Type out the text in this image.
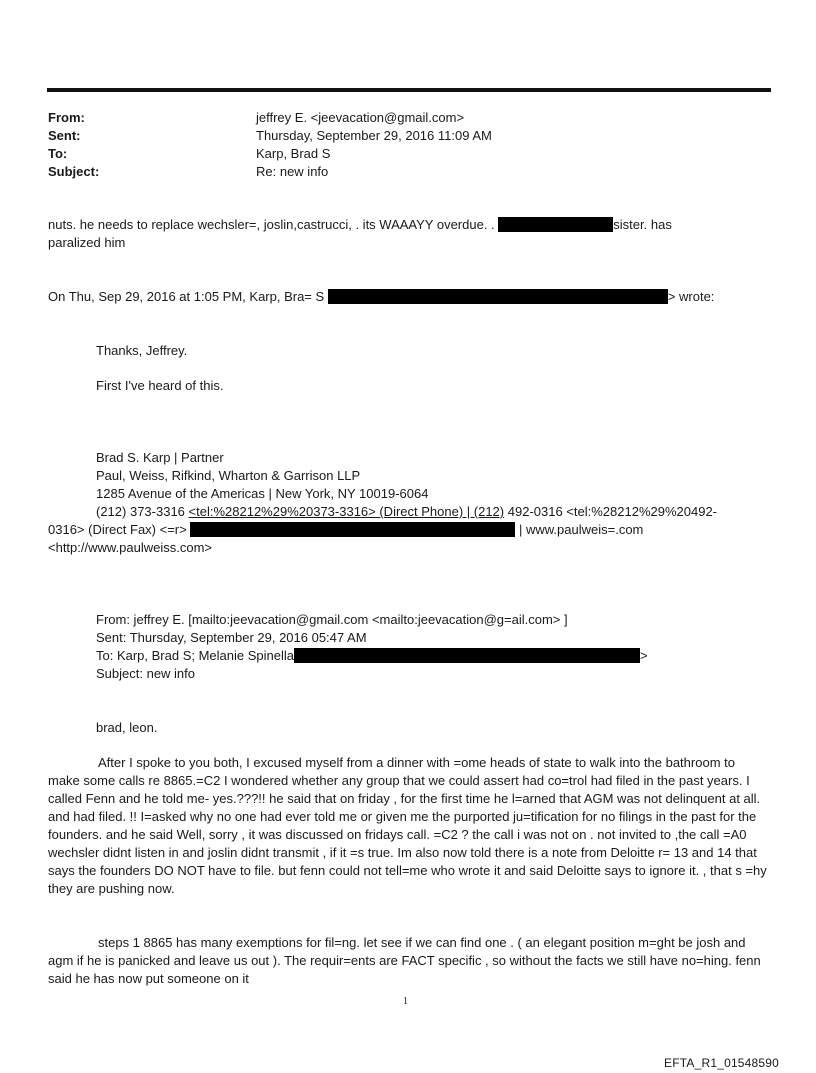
From:	jeffrey E. <jeevacation@gmail.com>
Sent:	Thursday, September 29, 2016 11:09 AM
To:	Karp, Brad S
Subject:	Re: new info
nuts. he needs to replace wechsler=, joslin,castrucci, . its WAAAYY overdue. .	sister. has
paralized him
On Thu, Sep 29, 2016 at 1:05 PM, Karp, Bra= S	> wrote:
Thanks, Jeffrey.
First I've heard of this.
Brad S. Karp | Partner
Paul, Weiss, Rifkind, Wharton & Garrison LLP
1285 Avenue of the Americas | New York, NY 10019-6064
(212) 373-3316 <tel:%28212%29%20373-3316> (Direct Phone) | (212) 492-0316 <tel:%28212%29%20492-
0316> (Direct Fax) <=r>	| www.paulweis=.com
<http://www.paulweiss.com>
From: jeffrey E. [mailto:jeevacation@gmail.com <mailto:jeevacation@g=ail.com> ]
Sent: Thursday, September 29, 2016 05:47 AM
To: Karp, Brad S; Melanie Spinella	>
Subject: new info
brad, leon.

After I spoke to you both, I excused myself from a dinner with =ome heads of state to walk into the bathroom to make some calls re 8865.=C2 I wondered whether any group that we could assert had co=trol had filed in the past years. I called Fenn and he told me- yes.???!! he said that on friday , for the first time he l=arned that AGM was not delinquent at all. and had filed. !! I=asked why no one had ever told me or given me the purported ju=tification for no filings in the past for the founders. and he said Well, sorry , it was discussed on fridays call. =C2 ? the call i was not on . not invited to ,the call =A0 wechsler didnt listen in and joslin didnt transmit , if it =s true. Im also now told there is a note from Deloitte r= 13 and 14 that says the founders DO NOT have to file. but fenn could not tell=me who wrote it and said Deloitte says to ignore it. , that s =hy they are pushing now.

steps 1 8865 has many exemptions for fil=ng. let see if we can find one . ( an elegant position m=ght be josh and agm if he is panicked and leave us out ). The requir=ents are FACT specific , so without the facts we still have no=hing. fenn said he has now put someone on it

1
EFTA_R1_01548590
